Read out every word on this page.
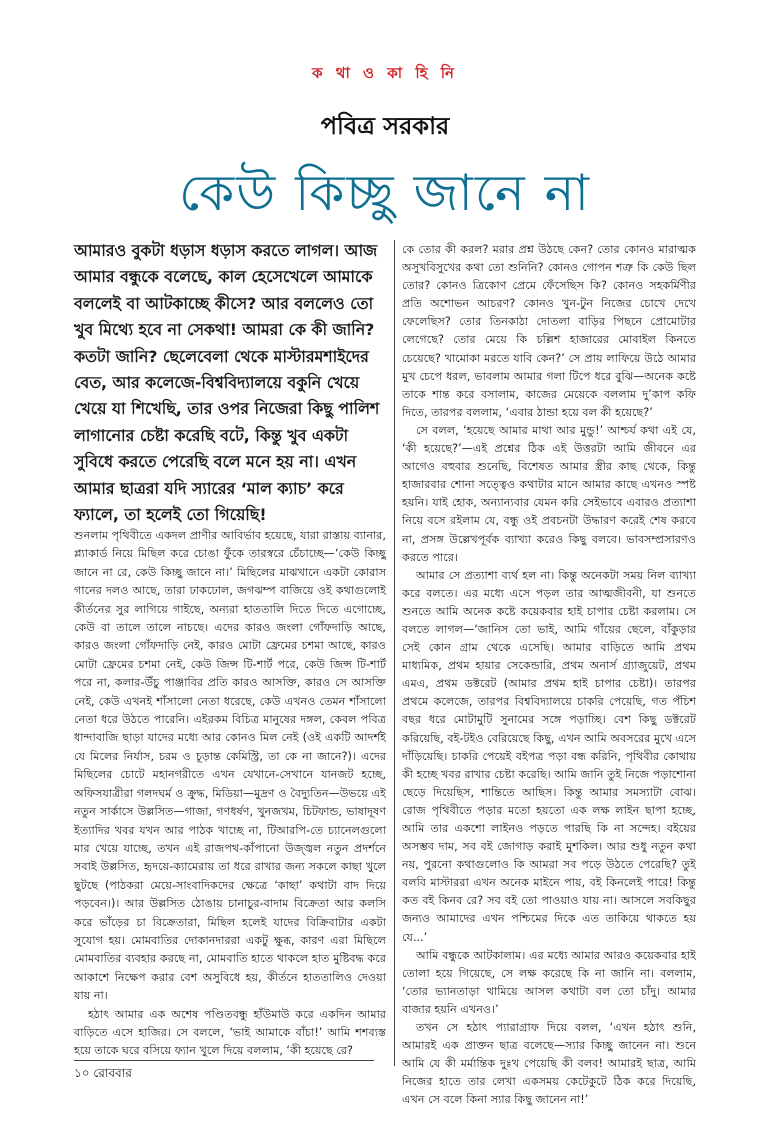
ক থা ও কা হি নি
পবিত্র সরকার
কেউ কিচ্ছু জানে না

আমারও বুকটা ধড়াস ধড়াস করতে লাগল। আজ আমার বন্ধুকে বলেছে, কাল হেসেখেলে আমাকে বললেই বা আটকাচ্ছে কীসে? আর বললেও তো খুব মিথ্যে হবে না সেকথা! আমরা কে কী জানি? কতটা জানি? ছেলেবেলা থেকে মাস্টারমশাইদের বেত, আর কলেজে-বিশ্ববিদ্যালয়ে বকুনি খেয়ে খেয়ে যা শিখেছি, তার ওপর নিজেরা কিছু পালিশ লাগানোর চেষ্টা করেছি বটে, কিন্তু খুব একটা সুবিধে করতে পেরেছি বলে মনে হয় না। এখন আমার ছাত্ররা যদি স্যারের ‘মাল ক্যাচ’ করে ফ্যালে, তা হলেই তো গিয়েছি!

শুনলাম পৃথিবীতে একদল প্রাণীর আবির্ভাব হয়েছে, যারা রাস্তায় ব্যানার, প্ল্যাকার্ড নিয়ে মিছিল করে চোঙা ফুঁকে তারস্বরে চেঁচাচ্ছে—‘কেউ কিচ্ছু জানে না রে, কেউ কিচ্ছু জানে না।’ মিছিলের মাঝখানে একটা কোরাস গানের দলও আছে, তারা ঢাকঢোল, জগঝম্প বাজিয়ে ওই কথাগুলোই কীর্তনের সুর লাগিয়ে গাইছে, অন্যরা হাততালি দিতে দিতে এগোচ্ছে, কেউ বা তালে তালে নাচছে। এদের কারও জংলা গোঁফদাড়ি আছে, কারও জংলা গোঁফদাড়ি নেই, কারও মোটা ফ্রেমের চশমা আছে, কারও মোটা ফ্রেমের চশমা নেই, কেউ জিন্স টি-শার্ট পরে, কেউ জিন্স টি-শার্ট পরে না, কলার-উঁচু পাঞ্জাবির প্রতি কারও আসক্তি, কারও সে আসক্তি নেই, কেউ এখনই শাঁসালো নেতা ধরেছে, কেউ এখনও তেমন শাঁসালো নেতা ধরে উঠতে পারেনি। এইরকম বিচিত্র মানুষের দঙ্গল, কেবল পবিত্র ধান্দাবাজি ছাড়া যাদের মধ্যে আর কোনও মিল নেই (ওই একটি আদর্শই যে মিলের নির্যাস, চরম ও চূড়ান্ত কেমিস্ট্রি, তা কে না জানে?)। এদের মিছিলের চোটে মহানগরীতে এখন যেখানে-সেখানে যানজট হচ্ছে, অফিসযাত্রীরা গলদঘর্ম ও ক্রুদ্ধ, মিডিয়া—মুদ্রণ ও বৈদ্যুতিন—উভয়ে এই নতুন সার্কাসে উল্লসিত—গাজা, গণধর্ষণ, খুনজখম, চিটফান্ড, ভাষাদূষণ ইত্যাদির খবর যখন আর পাঠক খাচ্ছে না, টিআরপি-তে চ্যানেলগুলো মার খেয়ে যাচ্ছে, তখন এই রাজপথ-কাঁপানো উজ্জ্বল নতুন প্রদর্শনে সবাই উল্লসিত, হৃদয়ে-ক্যামেরায় তা ধরে রাখার জন্য সকলে কাছা খুলে ছুটছে (পাঠকরা মেয়ে-সাংবাদিকদের ক্ষেত্রে ‘কাছা’ কথাটা বাদ দিয়ে পড়বেন।)। আর উল্লসিত ঠোঙায় চানাচুর-বাদাম বিক্রেতা আর কলসি করে ভাঁড়ের চা বিক্রেতারা, মিছিল হলেই যাদের বিক্রিবাটার একটা সুযোগ হয়। মোমবাতির দোকানদাররা একটু ক্ষুব্ধ, কারণ এরা মিছিলে মোমবাতির ব্যবহার করছে না, মোমবাতি হাতে থাকলে হাত মুষ্টিবদ্ধ করে আকাশে নিক্ষেপ করার বেশ অসুবিধে হয়, কীর্তনে হাততালিও দেওয়া যায় না।

হঠাৎ আমার এক অশেষ পণ্ডিতবন্ধু হাঁউমাউ করে একদিন আমার বাড়িতে এসে হাজির। সে বললে, ‘ভাই আমাকে বাঁচা!’ আমি শশব্যস্ত হয়ে তাকে ঘরে বসিয়ে ফ্যান খুলে দিয়ে বললাম, ‘কী হয়েছে রে?

কে তোর কী করল? মরার প্রশ্ন উঠছে কেন? তোর কোনও মারাত্মক অসুখবিসুখের কথা তো শুনিনি? কোনও গোপন শত্রু কি কেউ ছিল তোর? কোনও ত্রিকোণ প্রেমে ফেঁসেছিস কি? কোনও সহকর্মিণীর প্রতি অশোভন আচরণ? কোনও খুন-টুন নিজের চোখে দেখে ফেলেছিস? তোর তিনকাঠা দোতলা বাড়ির পিছনে প্রোমোটার লেগেছে? তোর মেয়ে কি চল্লিশ হাজারের মোবাইল কিনতে চেয়েছে? খামোকা মরতে যাবি কেন?’ সে প্রায় লাফিয়ে উঠে আমার মুখ চেপে ধরল, ভাবলাম আমার গলা টিপে ধরে বুঝি—অনেক কষ্টে তাকে শান্ত করে বসালাম, কাজের মেয়েকে বললাম দু’কাপ কফি দিতে, তারপর বললাম, ‘এবার ঠান্ডা হয়ে বল কী হয়েছে?’

সে বলল, ‘হয়েছে আমার মাথা আর মুন্ডু!’ আশ্চর্য কথা এই যে, ‘কী হয়েছে?’—এই প্রশ্নের ঠিক এই উত্তরটা আমি জীবনে এর আগেও বহুবার শুনেছি, বিশেষত আমার স্ত্রীর কাছ থেকে, কিন্তু হাজারবার শোনা সত্ত্বেও কথাটার মানে আমার কাছে এখনও স্পষ্ট হয়নি। যাই হোক, অন্যান্যবার যেমন করি সেইভাবে এবারও প্রত্যাশা নিয়ে বসে রইলাম যে, বন্ধু ওই প্রবচনটা উদ্ধারণ করেই শেষ করবে না, প্রসঙ্গ উল্লেখপূর্বক ব্যাখ্যা করেও কিছু বলবে। ভাবসম্প্রসারণও করতে পারে।

আমার সে প্রত্যাশা ব্যর্থ হল না। কিন্তু অনেকটা সময় নিল ব্যাখ্যা করে বলতে। এর মধ্যে এসে পড়ল তার আত্মজীবনী, যা শুনতে শুনতে আমি অনেক কষ্টে কয়েকবার হাই চাপার চেষ্টা করলাম। সে বলতে লাগল—‘জানিস তো ভাই, আমি গাঁয়ের ছেলে, বাঁকুড়ার সেই কোন গ্রাম থেকে এসেছি। আমার বাড়িতে আমি প্রথম মাধ্যমিক, প্রথম হায়ার সেকেন্ডারি, প্রথম অনার্স গ্র্যাজুয়েট, প্রথম এমএ, প্রথম ডক্টরেট (আমার প্রথম হাই চাপার চেষ্টা)। তারপর প্রথমে কলেজে, তারপর বিশ্ববিদ্যালয়ে চাকরি পেয়েছি, গত পঁচিশ বছর ধরে মোটামুটি সুনামের সঙ্গে পড়াচ্ছি। বেশ কিছু ডক্টরেট করিয়েছি, বই-টইও বেরিয়েছে কিছু, এখন আমি অবসরের মুখে এসে দাঁড়িয়েছি। চাকরি পেয়েই বইপত্র পড়া বন্ধ করিনি, পৃথিবীর কোথায় কী হচ্ছে খবর রাখার চেষ্টা করেছি। আমি জানি তুই নিজে পড়াশোনা ছেড়ে দিয়েছিস, শান্তিতে আছিস। কিন্তু আমার সমস্যাটা বোঝ। রোজ পৃথিবীতে পড়ার মতো হয়তো এক লক্ষ লাইন ছাপা হচ্ছে, আমি তার একশো লাইনও পড়তে পারছি কি না সন্দেহ। বইয়ের অসম্ভব দাম, সব বই জোগাড় করাই মুশকিল। আর শুধু নতুন কথা নয়, পুরনো কথাগুলোও কি আমরা সব পড়ে উঠতে পেরেছি? তুই বলবি মাস্টাররা এখন অনেক মাইনে পায়, বই কিনলেই পারে! কিন্তু কত বই কিনব রে? সব বই তো পাওয়াও যায় না। আসলে সবকিছুর জন্যও আমাদের এখন পশ্চিমের দিকে এত তাকিয়ে থাকতে হয় যে...’

আমি বন্ধুকে আটকালাম। এর মধ্যে আমার আরও কয়েকবার হাই তোলা হয়ে গিয়েছে, সে লক্ষ করেছে কি না জানি না। বললাম, ‘তোর ভ্যানতাড়া থামিয়ে আসল কথাটা বল তো চাঁদু। আমার বাজার হয়নি এখনও।’

তখন সে হঠাৎ প্যারাগ্রাফ দিয়ে বলল, ‘এখন হঠাৎ শুনি, আমারই এক প্রাক্তন ছাত্র বলেছে—স্যার কিচ্ছু জানেন না। শুনে আমি যে কী মর্মান্তিক দুঃখ পেয়েছি কী বলব! আমারই ছাত্র, আমি নিজের হাতে তার লেখা একসময় কেটেকুটে ঠিক করে দিয়েছি, এখন সে বলে কিনা স্যার কিছু জানেন না!’

১০ রোববার
